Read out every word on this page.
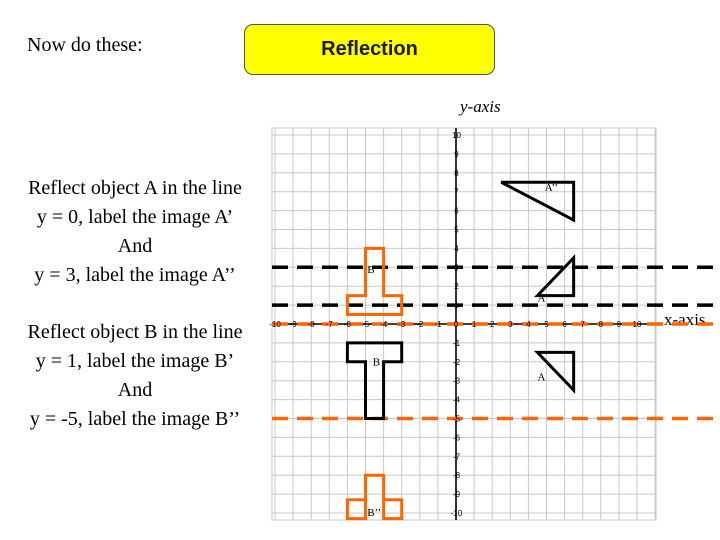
Now do these:	Reflection
Reflect object A in the line
y = 0, label the image A’
And
y = 3, label the image A’’
Reflect object B in the line
y = 1, label the image B’
And
y = -5, label the image B’’
y-axis
x-axis
-10 -9 -8 -7 -6 -5 -4 -3 -2 -1 0 1 2 3 4 5 6 7 8 9 10
10
9
8
7
6
5
4
3
2
1
-1
-2
-3
-4
-5
-6
-7
-8
-9
-10
A
A’
A’’
B
B’
B’’
